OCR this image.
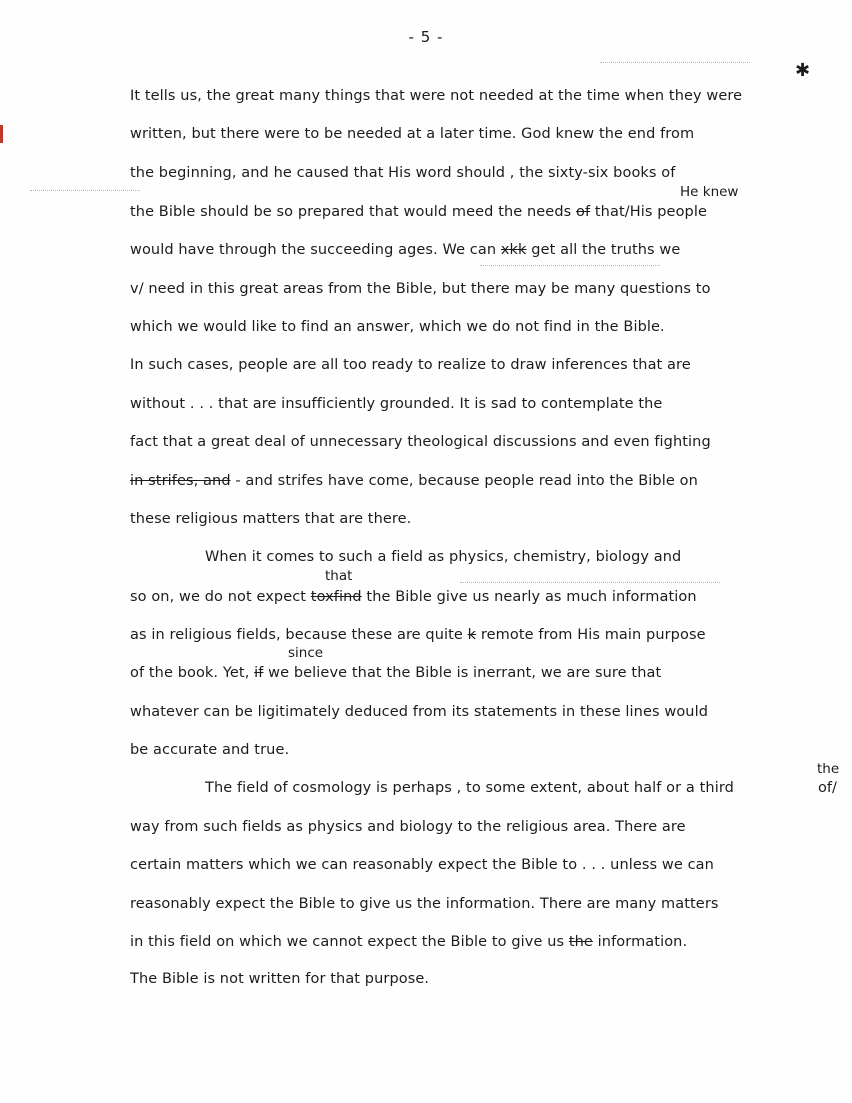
✱
- 5 -
It tells us, the great many things that were not needed at the time when they were
written, but there were to be needed at a later time. God knew the end from
the beginning, and he caused that His word should , the sixty-six books of
He knew
the Bible should be so prepared that would meed the needs of that/His people
would have through the succeeding ages. We can xkk get all the truths we
v/ need in this great areas from the Bible, but there may be many questions to
which we would like to find an answer, which we do not find in the Bible.
In such cases, people are all too ready to realize to draw inferences that are
without . . . that are insufficiently grounded. It is sad to contemplate the
fact that a great deal of unnecessary theological discussions and even fighting
in strifes, and - and strifes have come, because people read into the Bible on
these religious matters that are there.
When it comes to such a field as physics, chemistry, biology and
that
so on, we do not expect toxfind the Bible give us nearly as much information
as in religious fields, because these are quite k remote from His main purpose
since
of the book. Yet, if we believe that the Bible is inerrant, we are sure that
whatever can be ligitimately deduced from its statements in these lines would
be accurate and true.
the
The field of cosmology is perhaps , to some extent, about half or a third	of/
way from such fields as physics and biology to the religious area. There are
certain matters which we can reasonably expect the Bible to . . . unless we can
reasonably expect the Bible to give us the information. There are many matters
in this field on which we cannot expect the Bible to give us the information.
The Bible is not written for that purpose.
